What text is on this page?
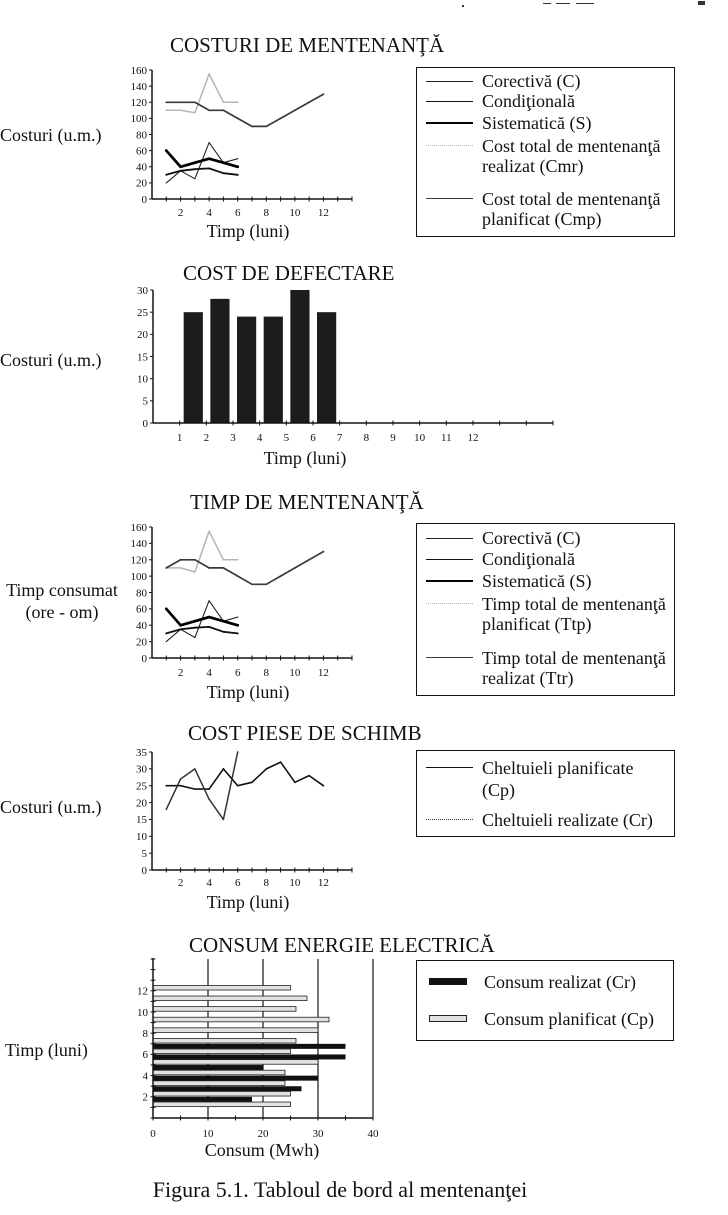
0
20
40
60
80
100
120
140
160
2 4 6 8 10 12
0
5
10
15
20
25
30
1 2 3 4 5 6 7 8 9 10 11 12
0
20
40
60
80
100
120
140
160
2 4 6 8 10 12
0
5
10
15
20
25
30
35
2 4 6 8 10 12
0	10	20	30	40
2
4
6
8
10
12
COSTURI DE MENTENANŢĂ
Costuri (u.m.)
Timp (luni)
Corectivă (C)
Condiţională
Sistematică (S)
Cost total de mentenanţă
realizat (Cmr)
Cost total de mentenanţă
planificat (Cmp)
COST DE DEFECTARE
Costuri (u.m.)
Timp (luni)
TIMP DE MENTENANŢĂ
Timp consumat
(ore - om)
Timp (luni)
Corectivă (C)
Condiţională
Sistematică (S)
Timp total de mentenanţă
planificat (Ttp)
Timp total de mentenanţă
realizat (Ttr)
COST PIESE DE SCHIMB
Costuri (u.m.)
Timp (luni)
Cheltuieli planificate
(Cp)
Cheltuieli realizate (Cr)
CONSUM ENERGIE ELECTRICĂ
Timp (luni)
Consum (Mwh)
Consum realizat (Cr)
Consum planificat (Cp)
Figura 5.1. Tabloul de bord al mentenanţei
